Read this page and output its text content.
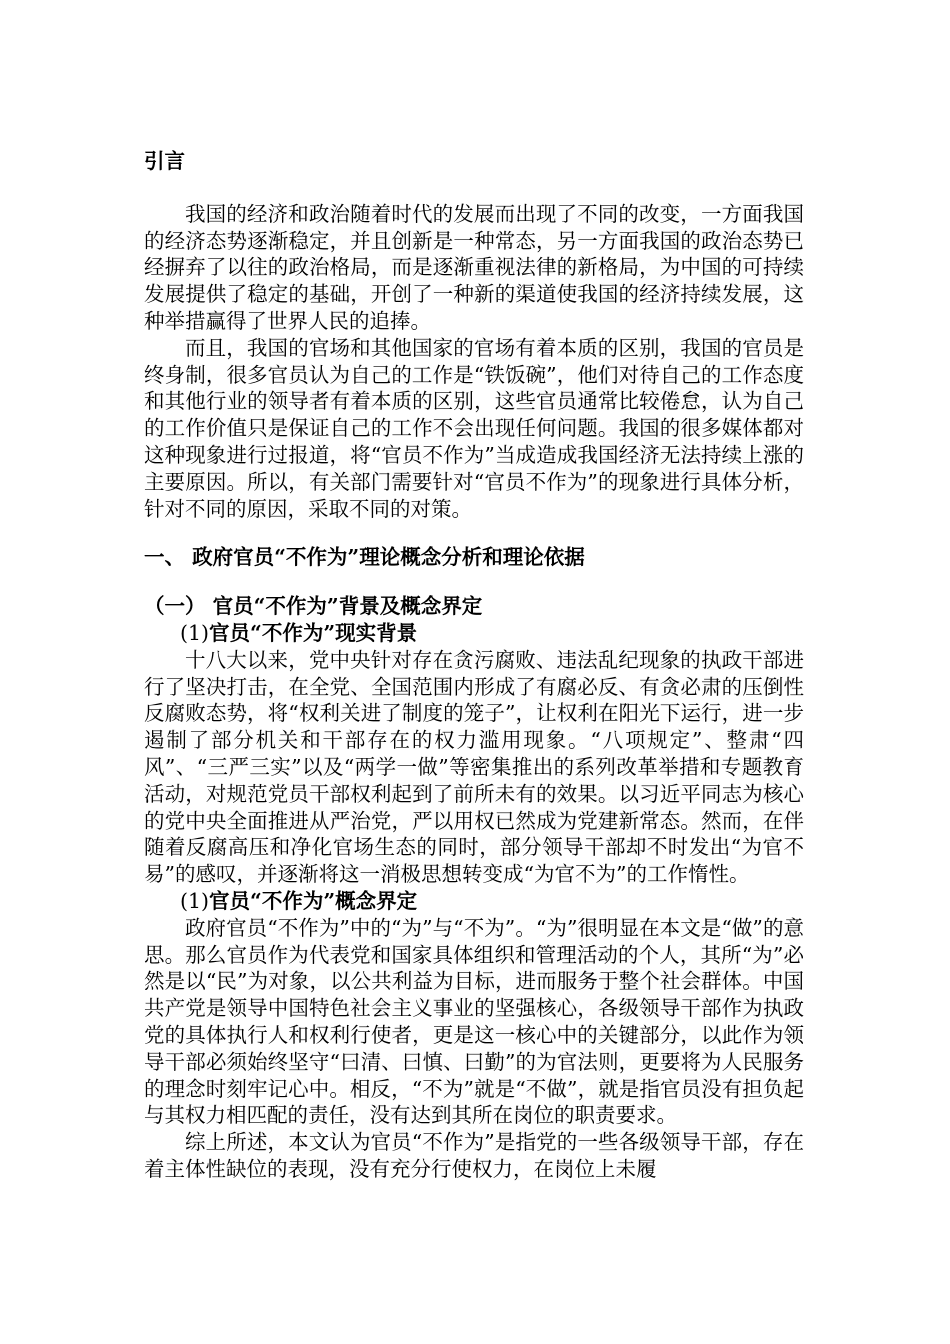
引言

我国的经济和政治随着时代的发展而出现了不同的改变，一方面我国的经济态势逐渐稳定，并且创新是一种常态，另一方面我国的政治态势已经摒弃了以往的政治格局，而是逐渐重视法律的新格局，为中国的可持续发展提供了稳定的基础，开创了一种新的渠道使我国的经济持续发展，这种举措赢得了世界人民的追捧。

而且，我国的官场和其他国家的官场有着本质的区别，我国的官员是终身制，很多官员认为自己的工作是“铁饭碗”，他们对待自己的工作态度和其他行业的领导者有着本质的区别，这些官员通常比较倦怠，认为自己的工作价值只是保证自己的工作不会出现任何问题。我国的很多媒体都对这种现象进行过报道，将“官员不作为”当成造成我国经济无法持续上涨的主要原因。所以，有关部门需要针对“官员不作为”的现象进行具体分析，针对不同的原因，采取不同的对策。

一、 政府官员“不作为”理论概念分析和理论依据
（一） 官员“不作为”背景及概念界定
(1)官员“不作为”现实背景

十八大以来，党中央针对存在贪污腐败、违法乱纪现象的执政干部进行了坚决打击，在全党、全国范围内形成了有腐必反、有贪必肃的压倒性反腐败态势，将“权利关进了制度的笼子”，让权利在阳光下运行，进一步遏制了部分机关和干部存在的权力滥用现象。“八项规定”、整肃“四风”、“三严三实”以及“两学一做”等密集推出的系列改革举措和专题教育活动，对规范党员干部权利起到了前所未有的效果。以习近平同志为核心的党中央全面推进从严治党，严以用权已然成为党建新常态。然而，在伴随着反腐高压和净化官场生态的同时，部分领导干部却不时发出“为官不易”的感叹，并逐渐将这一消极思想转变成“为官不为”的工作惰性。

(1)官员“不作为”概念界定

政府官员“不作为”中的“为”与“不为”。“为”很明显在本文是“做”的意思。那么官员作为代表党和国家具体组织和管理活动的个人，其所“为”必然是以“民”为对象，以公共利益为目标，进而服务于整个社会群体。中国共产党是领导中国特色社会主义事业的坚强核心，各级领导干部作为执政党的具体执行人和权利行使者，更是这一核心中的关键部分，以此作为领导干部必须始终坚守“曰清、曰慎、曰勤”的为官法则，更要将为人民服务的理念时刻牢记心中。相反，“不为”就是“不做”，就是指官员没有担负起与其权力相匹配的责任，没有达到其所在岗位的职责要求。

综上所述，本文认为官员“不作为”是指党的一些各级领导干部，存在着主体性缺位的表现，没有充分行使权力，在岗位上未履
